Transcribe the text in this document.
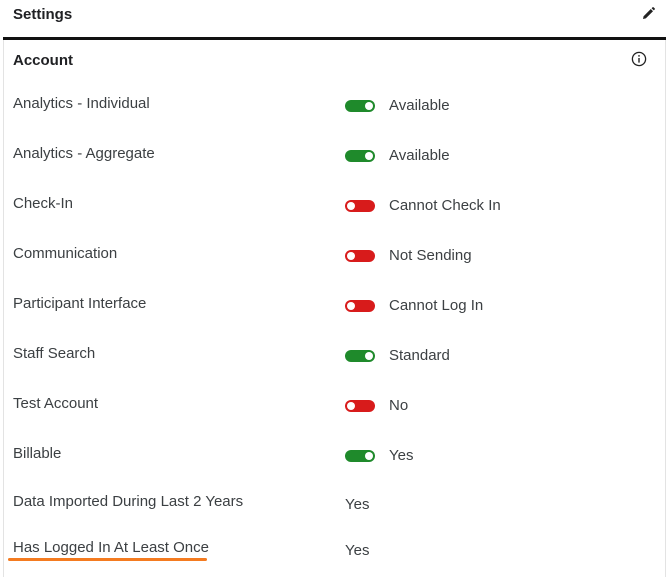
Settings
Account
Analytics - Individual	Available
Analytics - Aggregate	Available
Check-In	Cannot Check In
Communication	Not Sending
Participant Interface	Cannot Log In
Staff Search	Standard
Test Account	No
Billable	Yes
Data Imported During Last 2 Years	Yes
Has Logged In At Least Once	Yes
